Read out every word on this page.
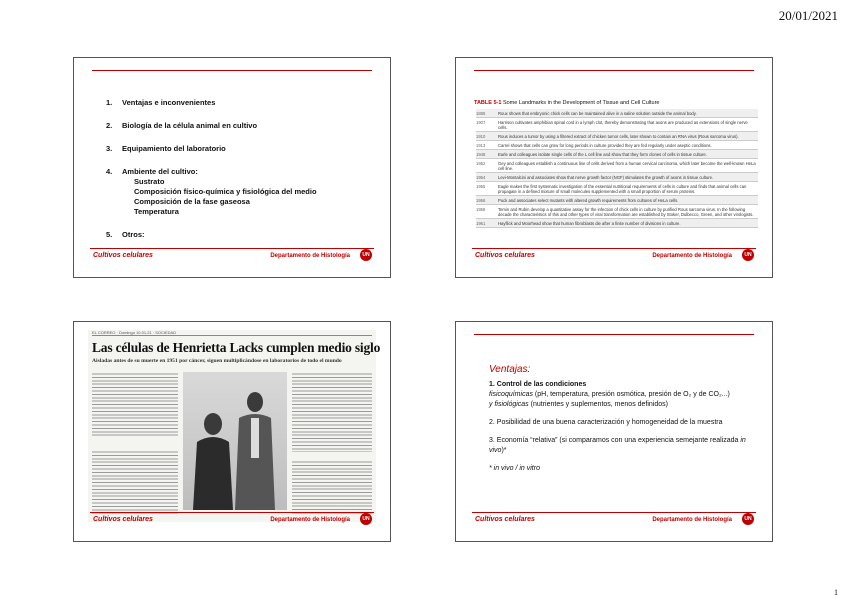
20/01/2021
1. Ventajas e inconvenientes
2. Biología de la célula animal en cultivo
3. Equipamiento del laboratorio
4. Ambiente del cultivo:
Sustrato
Composición físico-química y fisiológica del medio
Composición de la fase gaseosa
Temperatura
5. Otros:
Cultivos celulares	Departamento de Histología	UN
TABLE 5-1 Some Landmarks in the Development of Tissue and Cell Culture
1885	Roux shows that embryonic chick cells can be maintained alive in a saline solution outside the animal body.
1907	Harrison cultivates amphibian spinal cord in a lymph clot, thereby demonstrating that axons are produced as extensions of single nerve cells.
1910	Rous induces a tumor by using a filtered extract of chicken tumor cells, later shown to contain an RNA virus (Rous sarcoma virus).
1913	Carrel shows that cells can grow for long periods in culture provided they are fed regularly under aseptic conditions.
1948	Earle and colleagues isolate single cells of the L cell line and show that they form clones of cells in tissue culture.
1952	Gey and colleagues establish a continuous line of cells derived from a human cervical carcinoma, which later become the well-known HeLa cell line.
1954	Levi-Montalcini and associates show that nerve growth factor (NGF) stimulates the growth of axons in tissue culture.
1955	Eagle makes the first systematic investigation of the essential nutritional requirements of cells in culture and finds that animal cells can propagate in a defined mixture of small molecules supplemented with a small proportion of serum proteins.
1956	Puck and associates select mutants with altered growth requirements from cultures of HeLa cells.
1958	Temin and Rubin develop a quantitative assay for the infection of chick cells in culture by purified Rous sarcoma virus. In the following decade the characteristics of this and other types of viral transformation are established by Stoker, Dulbecco, Green, and other virologists.
1961	Hayflick and Moorhead show that human fibroblasts die after a finite number of divisions in culture.
Cultivos celulares	Departamento de Histología	UN
EL CORREO · Domingo 10.01.21 · SOCIEDAD
Las células de Henrietta Lacks cumplen medio siglo
Aisladas antes de su muerte en 1951 por cáncer, siguen multiplicándose en laboratorios de todo el mundo
Cultivos celulares	Departamento de Histología	UN
Ventajas:

1. Control de las condiciones
fisicoquímicas (pH, temperatura, presión osmótica, presión de O₂ y de CO₂...)
y fisiológicas (nutrientes y suplementos, menos definidos)

2. Posibilidad de una buena caracterización y homogeneidad de la muestra

3. Economía “relativa” (si comparamos con una experiencia semejante realizada in vivo)*

* in vivo / in vitro

Cultivos celulares	Departamento de Histología	UN
1
